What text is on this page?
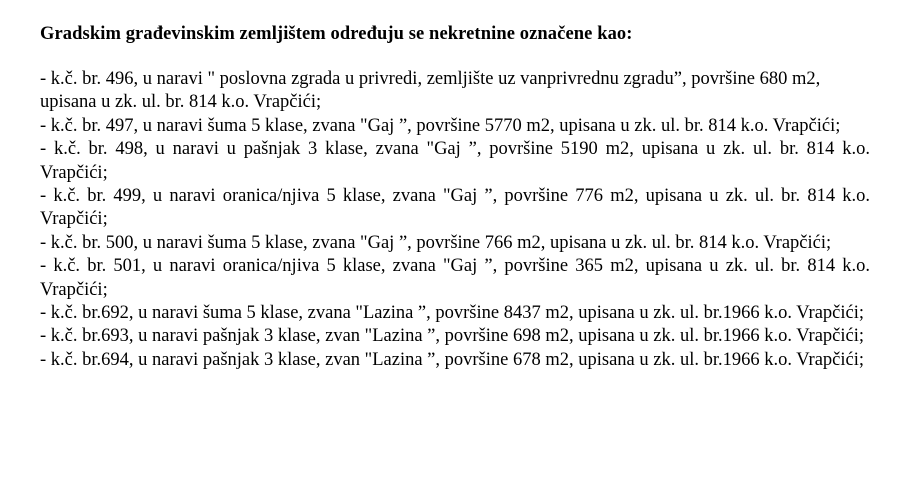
Gradskim građevinskim zemljištem određuju se nekretnine označene kao:
- k.č. br. 496, u naravi " poslovna zgrada u privredi, zemljište uz vanprivrednu zgradu”, površine 680 m2, upisana u zk. ul. br. 814 k.o. Vrapčići;
- k.č. br. 497, u naravi šuma 5 klase, zvana "Gaj ”, površine 5770 m2, upisana u zk. ul. br. 814 k.o. Vrapčići;
- k.č. br. 498, u naravi u pašnjak 3 klase, zvana "Gaj ”, površine 5190 m2, upisana u zk. ul. br. 814 k.o. Vrapčići;
- k.č. br. 499, u naravi oranica/njiva 5 klase, zvana "Gaj ”, površine 776 m2, upisana u zk. ul. br. 814 k.o. Vrapčići;
- k.č. br. 500, u naravi šuma 5 klase, zvana "Gaj ”, površine 766 m2, upisana u zk. ul. br. 814 k.o. Vrapčići;
- k.č. br. 501, u naravi oranica/njiva 5 klase, zvana "Gaj ”, površine 365 m2, upisana u zk. ul. br. 814 k.o. Vrapčići;
- k.č. br.692, u naravi šuma 5 klase, zvana "Lazina ”, površine 8437 m2, upisana u zk. ul. br.1966 k.o. Vrapčići;
- k.č. br.693, u naravi pašnjak 3 klase, zvan "Lazina ”, površine 698 m2, upisana u zk. ul. br.1966 k.o. Vrapčići;
- k.č. br.694, u naravi pašnjak 3 klase, zvan "Lazina ”, površine 678 m2, upisana u zk. ul. br.1966 k.o. Vrapčići;
